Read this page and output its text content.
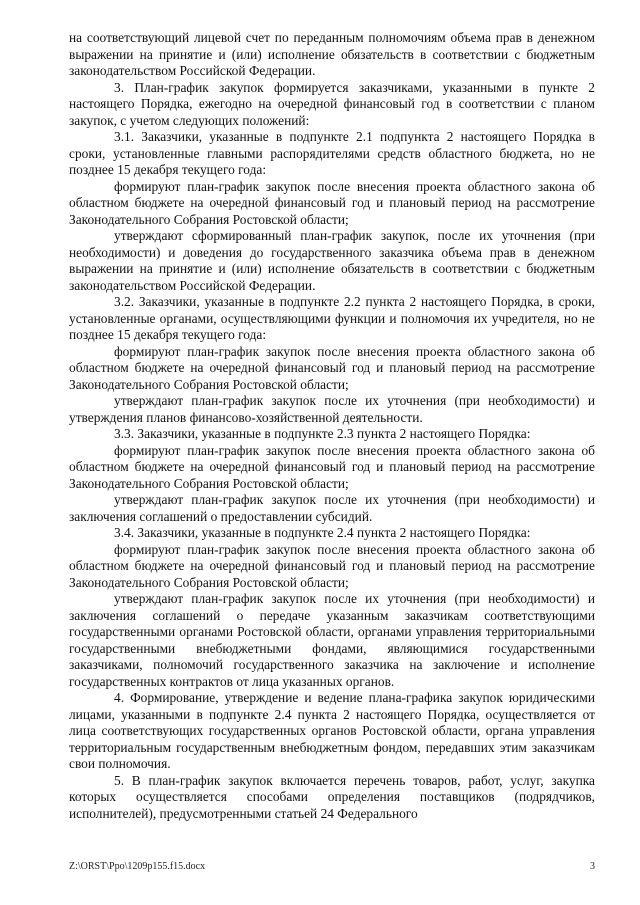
на соответствующий лицевой счет по переданным полномочиям объема прав в денежном выражении на принятие и (или) исполнение обязательств в соответствии с бюджетным законодательством Российской Федерации.

3. План-график закупок формируется заказчиками, указанными в пункте 2 настоящего Порядка, ежегодно на очередной финансовый год в соответствии с планом закупок, с учетом следующих положений:

3.1. Заказчики, указанные в подпункте 2.1 подпункта 2 настоящего Порядка в сроки, установленные главными распорядителями средств областного бюджета, но не позднее 15 декабря текущего года:

формируют план-график закупок после внесения проекта областного закона об областном бюджете на очередной финансовый год и плановый период на рассмотрение Законодательного Собрания Ростовской области;

утверждают сформированный план-график закупок, после их уточнения (при необходимости) и доведения до государственного заказчика объема прав в денежном выражении на принятие и (или) исполнение обязательств в соответствии с бюджетным законодательством Российской Федерации.

3.2. Заказчики, указанные в подпункте 2.2 пункта 2 настоящего Порядка, в сроки, установленные органами, осуществляющими функции и полномочия их учредителя, но не позднее 15 декабря текущего года:

формируют план-график закупок после внесения проекта областного закона об областном бюджете на очередной финансовый год и плановый период на рассмотрение Законодательного Собрания Ростовской области;

утверждают план-график закупок после их уточнения (при необходимости) и утверждения планов финансово-хозяйственной деятельности.

3.3. Заказчики, указанные в подпункте 2.3 пункта 2 настоящего Порядка:

формируют план-график закупок после внесения проекта областного закона об областном бюджете на очередной финансовый год и плановый период на рассмотрение Законодательного Собрания Ростовской области;

утверждают план-график закупок после их уточнения (при необходимости) и заключения соглашений о предоставлении субсидий.

3.4. Заказчики, указанные в подпункте 2.4 пункта 2 настоящего Порядка:

формируют план-график закупок после внесения проекта областного закона об областном бюджете на очередной финансовый год и плановый период на рассмотрение Законодательного Собрания Ростовской области;

утверждают план-график закупок после их уточнения (при необходимости) и заключения соглашений о передаче указанным заказчикам соответствующими государственными органами Ростовской области, органами управления территориальными государственными внебюджетными фондами, являющимися государственными заказчиками, полномочий государственного заказчика на заключение и исполнение государственных контрактов от лица указанных органов.

4. Формирование, утверждение и ведение плана-графика закупок юридическими лицами, указанными в подпункте 2.4 пункта 2 настоящего Порядка, осуществляется от лица соответствующих государственных органов Ростовской области, органа управления территориальным государственным внебюджетным фондом, передавших этим заказчикам свои полномочия.

5. В план-график закупок включается перечень товаров, работ, услуг, закупка которых осуществляется способами определения поставщиков (подрядчиков, исполнителей), предусмотренными статьей 24 Федерального

Z:\ORST\Ppo\1209p155.f15.docx	3
